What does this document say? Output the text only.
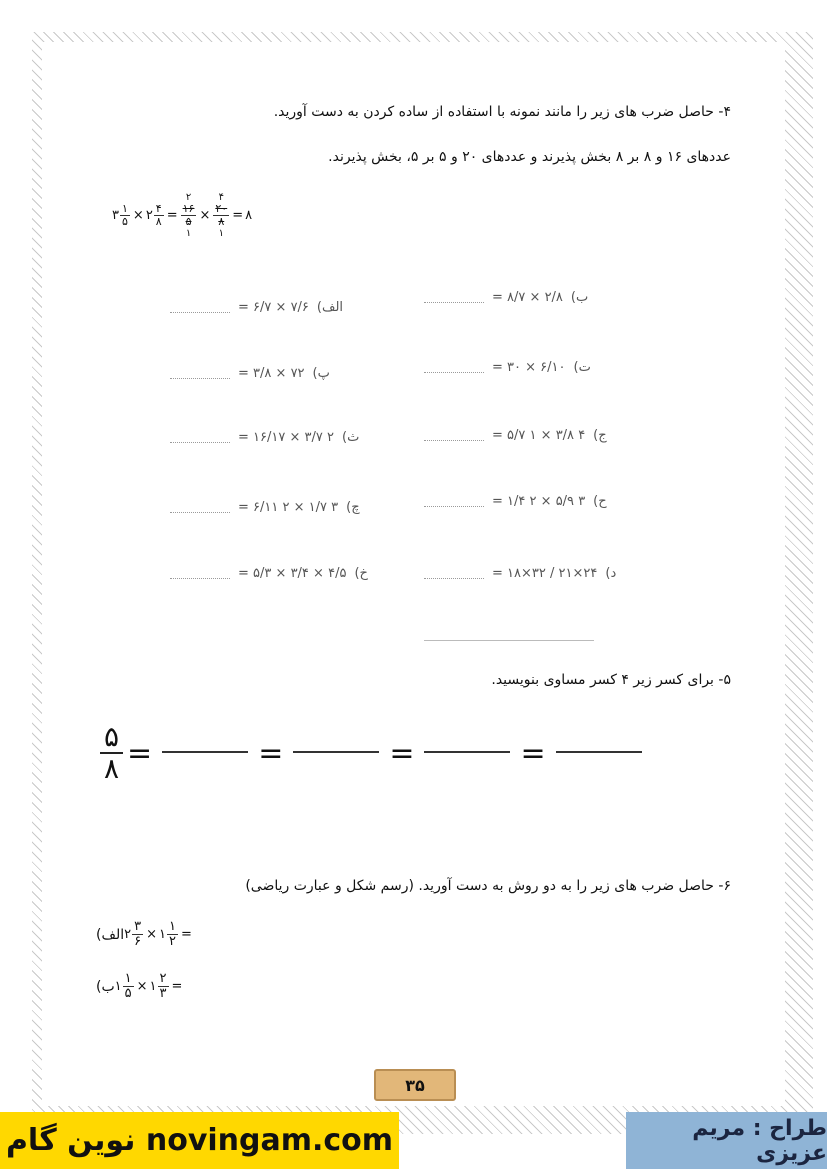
۴- حاصل ضرب های زیر را مانند نمونه با استفاده از ساده کردن به دست آورید.
عددهای ۱۶ و ۸ بر ۸ بخش پذیرند و عددهای ۲۰ و ۵ بر ۵، بخش پذیرند.
۳ $\frac{۱}{۵}$ × ۲ $\frac{۴}{۸}$ =
۲
$\frac{۱۶}{۵}$
۱
×
۴
$\frac{۲۰}{۸}$
۱
= ۸
الف)
۷/۶ × ۶/۷ =
پ)
۷۲ × ۳/۸ =
ث)
۲ ۳/۷ × ۱۶/۱۷ =
چ)
۳ ۱/۷ × ۲ ۶/۱۱ =
خ)
۴/۵ × ۳/۴ × ۵/۳ =
ب)
۲/۸ × ۸/۷ =
ت)
۶/۱۰ × ۳۰ =
ج)
۴ ۳/۸ × ۱ ۵/۷ =
ح)
۳ ۵/۹ × ۲ ۱/۴ =
د)
۲۴×۲۱ / ۳۲×۱۸ =
۵- برای کسر زیر ۴ کسر مساوی بنویسید.
۵
۸ =	=	=	=
۶- حاصل ضرب های زیر را به دو روش به دست آورید. (رسم شکل و عبارت ریاضی)
الف) ۲ $\frac{۳}{۶}$ × ۱ $\frac{۱}{۲}$ =
ب) ۱ $\frac{۱}{۵}$ × ۱ $\frac{۲}{۳}$ =
۳۵
novingam.com نوین گام	طراح : مریم عزیزی
